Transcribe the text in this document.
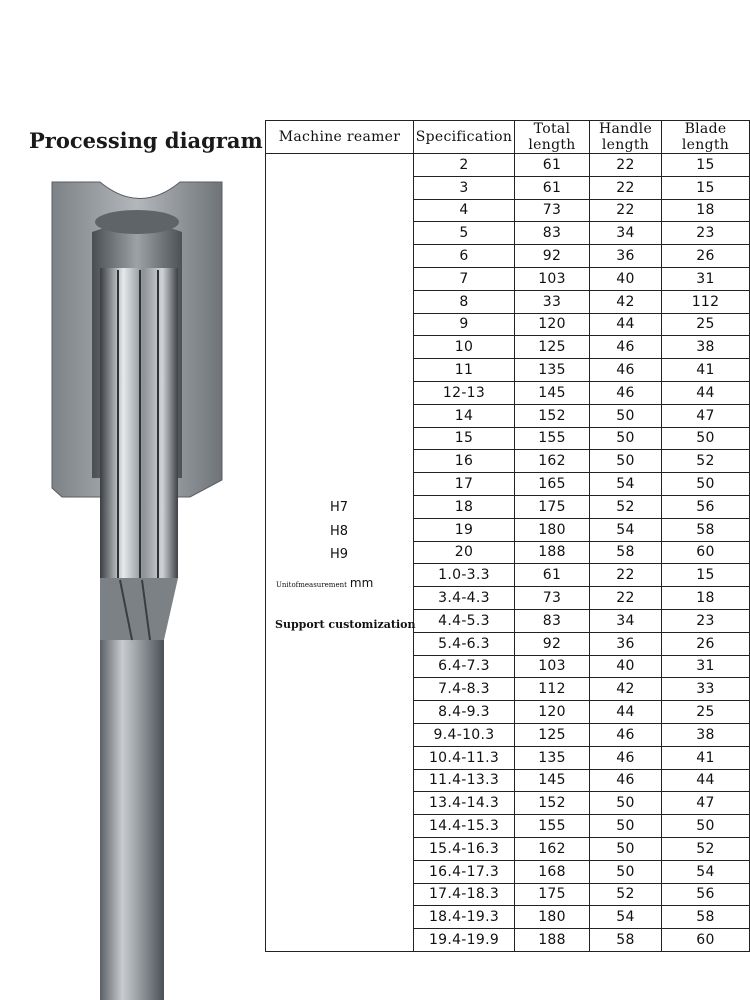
Processing diagram Machine reamer	Specification	Total length	Handle length	Blade length
	2	61	22	15
	3	61	22	15
	4	73	22	18
	5	83	34	23
	6	92	36	26
	7	103	40	31
	8	33	42	112
	9	120	44	25
	10	125	46	38
	11	135	46	41
	12-13	145	46	44
	14	152	50	47
	15	155	50	50
	16	162	50	52
	17	165	54	50
	18	175	52	56
	19	180	54	58
	20	188	58	60
	1.0-3.3	61	22	15
	3.4-4.3	73	22	18
	4.4-5.3	83	34	23
	5.4-6.3	92	36	26
	6.4-7.3	103	40	31
	7.4-8.3	112	42	33
	8.4-9.3	120	44	25
	9.4-10.3	125	46	38
	10.4-11.3	135	46	41
	11.4-13.3	145	46	44
	13.4-14.3	152	50	47
	14.4-15.3	155	50	50
	15.4-16.3	162	50	52
	16.4-17.3	168	50	54
	17.4-18.3	175	52	56
	18.4-19.3	180	54	58
	19.4-19.9	188	58	60
H7
H8
H9
Unitofmeasurement mm
Support customization
